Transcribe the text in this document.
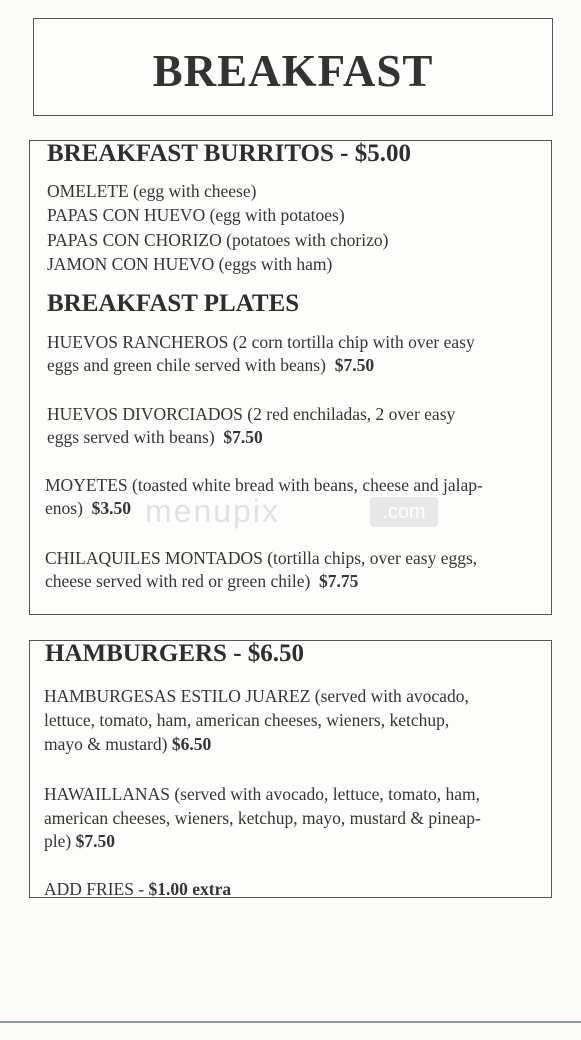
BREAKFAST
BREAKFAST BURRITOS - $5.00
OMELETE (egg with cheese)
PAPAS CON HUEVO (egg with potatoes)
PAPAS CON CHORIZO (potatoes with chorizo)
JAMON CON HUEVO (eggs with ham)
BREAKFAST PLATES
HUEVOS RANCHEROS (2 corn tortilla chip with over easy
eggs and green chile served with beans) $7.50
HUEVOS DIVORCIADOS (2 red enchiladas, 2 over easy
eggs served with beans) $7.50
MOYETES (toasted white bread with beans, cheese and jalap-
enos) $3.50 menupix	.com
CHILAQUILES MONTADOS (tortilla chips, over easy eggs,
cheese served with red or green chile) $7.75
HAMBURGERS - $6.50
HAMBURGESAS ESTILO JUAREZ (served with avocado,
lettuce, tomato, ham, american cheeses, wieners, ketchup,
mayo & mustard) $6.50
HAWAILLANAS (served with avocado, lettuce, tomato, ham,
american cheeses, wieners, ketchup, mayo, mustard & pineap-
ple) $7.50
ADD FRIES - $1.00 extra
